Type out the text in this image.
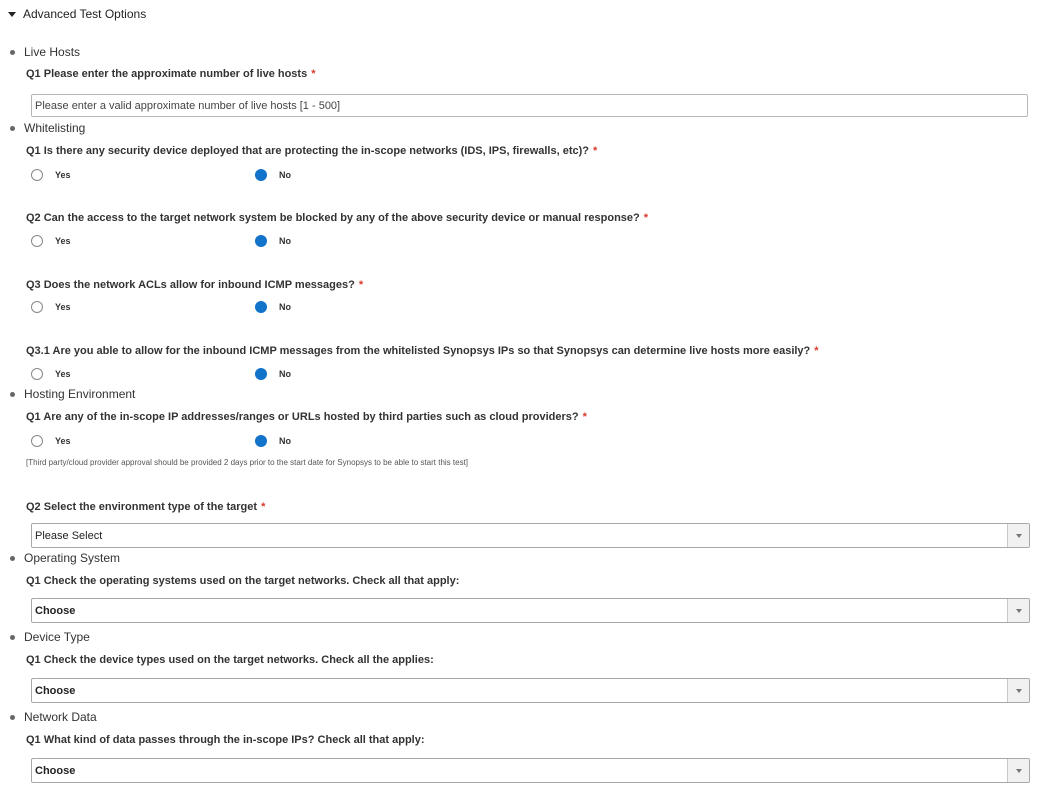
Advanced Test Options
Live Hosts
Q1 Please enter the approximate number of live hosts *
Please enter a valid approximate number of live hosts [1 - 500]
Whitelisting
Q1 Is there any security device deployed that are protecting the in-scope networks (IDS, IPS, firewalls, etc)? *
Yes	No
Q2 Can the access to the target network system be blocked by any of the above security device or manual response? *
Yes	No
Q3 Does the network ACLs allow for inbound ICMP messages? *
Yes	No
Q3.1 Are you able to allow for the inbound ICMP messages from the whitelisted Synopsys IPs so that Synopsys can determine live hosts more easily? *
Yes	No
Hosting Environment
Q1 Are any of the in-scope IP addresses/ranges or URLs hosted by third parties such as cloud providers? *
Yes	No
[Third party/cloud provider approval should be provided 2 days prior to the start date for Synopsys to be able to start this test]
Q2 Select the environment type of the target *
Please Select
Operating System
Q1 Check the operating systems used on the target networks. Check all that apply:
Choose
Device Type
Q1 Check the device types used on the target networks. Check all the applies:
Choose
Network Data
Q1 What kind of data passes through the in-scope IPs? Check all that apply:
Choose
